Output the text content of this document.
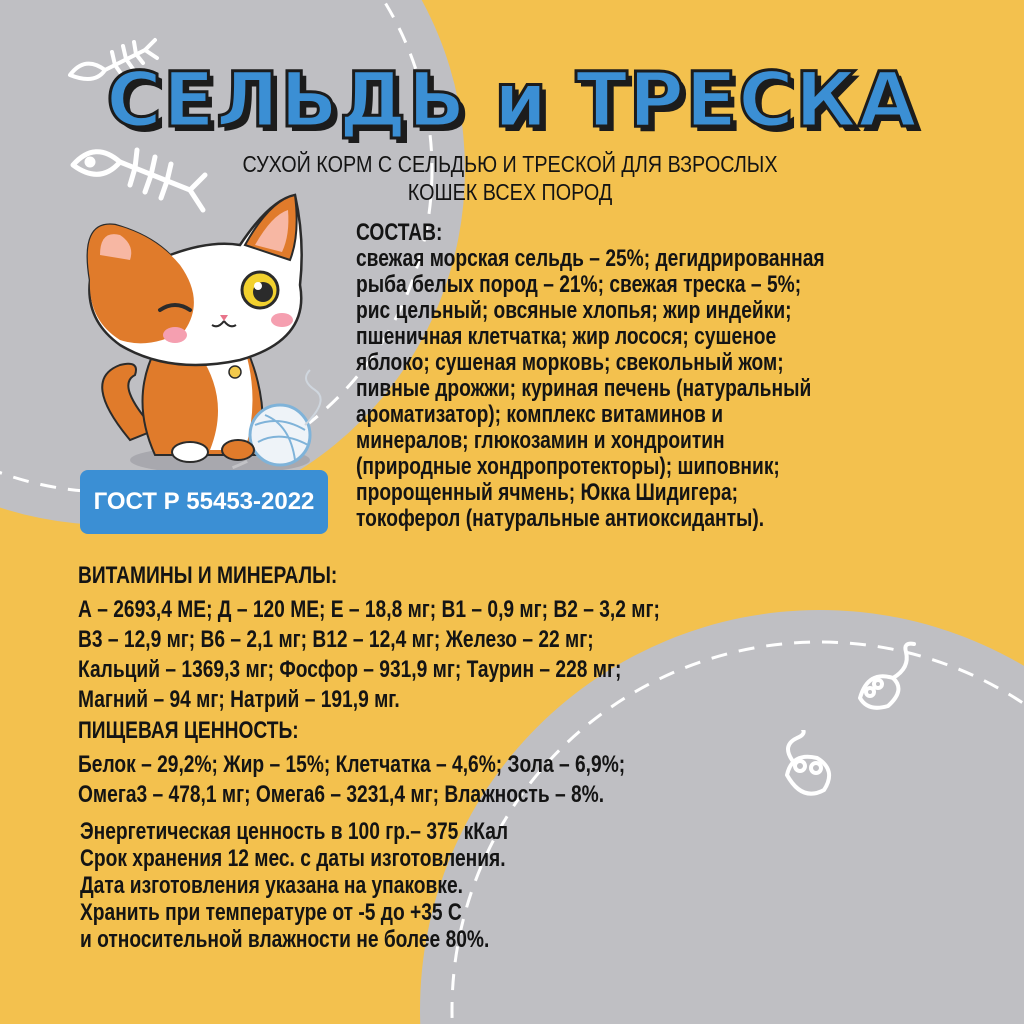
СЕЛЬДЬ и ТРЕСКА
СУХОЙ КОРМ С СЕЛЬДЬЮ И ТРЕСКОЙ ДЛЯ ВЗРОСЛЫХ
КОШЕК ВСЕХ ПОРОД
ГОСТ Р 55453-2022
СОСТАВ:
свежая морская сельдь – 25%; дегидрированная
рыба белых пород – 21%; свежая треска – 5%;
рис цельный; овсяные хлопья; жир индейки;
пшеничная клетчатка; жир лосося; сушеное
яблоко; сушеная морковь; свекольный жом;
пивные дрожжи; куриная печень (натуральный
ароматизатор); комплекс витаминов и
минералов; глюкозамин и хондроитин
(природные хондропротекторы); шиповник;
пророщенный ячмень; Юкка Шидигера;
токоферол (натуральные антиоксиданты).
ВИТАМИНЫ И МИНЕРАЛЫ:
А – 2693,4 МЕ; Д – 120 МЕ; Е – 18,8 мг; В1 – 0,9 мг; В2 – 3,2 мг;
В3 – 12,9 мг; В6 – 2,1 мг; В12 – 12,4 мг; Железо – 22 мг;
Кальций – 1369,3 мг; Фосфор – 931,9 мг; Таурин – 228 мг;
Магний – 94 мг; Натрий – 191,9 мг.
ПИЩЕВАЯ ЦЕННОСТЬ:
Белок – 29,2%; Жир – 15%; Клетчатка – 4,6%; Зола – 6,9%;
Омега3 – 478,1 мг; Омега6 – 3231,4 мг; Влажность – 8%.
Энергетическая ценность в 100 гр.– 375 кКал
Срок хранения 12 мес. с даты изготовления.
Дата изготовления указана на упаковке.
Хранить при температуре от -5 до +35 С
и относительной влажности не более 80%.
